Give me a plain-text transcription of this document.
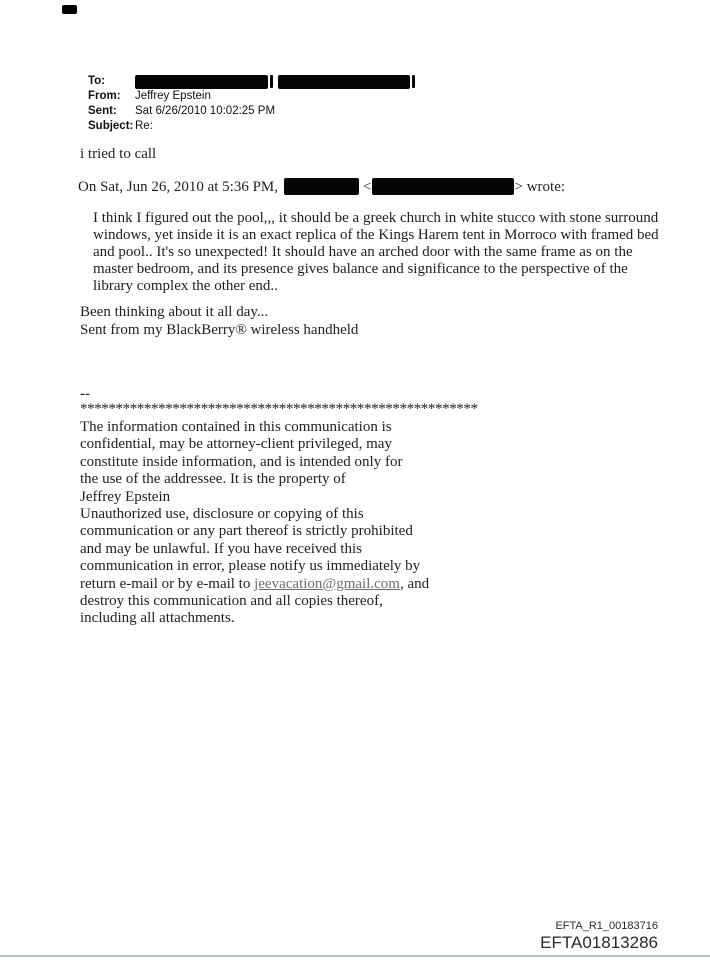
To:
From:	Jeffrey Epstein
Sent:	Sat 6/26/2010 10:02:25 PM
Subject: Re:
i tried to call
On Sat, Jun 26, 2010 at 5:36 PM,	<	> wrote:
I think I figured out the pool,,, it should be a greek church in white stucco with stone surround
windows, yet inside it is an exact replica of the Kings Harem tent in Morroco with framed bed
and pool.. It's so unexpected! It should have an arched door with the same frame as on the
master bedroom, and its presence gives balance and significance to the perspective of the
library complex the other end..
Been thinking about it all day...
Sent from my BlackBerry® wireless handheld
--
********************************************************
The information contained in this communication is
confidential, may be attorney-client privileged, may
constitute inside information, and is intended only for
the use of the addressee. It is the property of
Jeffrey Epstein
Unauthorized use, disclosure or copying of this
communication or any part thereof is strictly prohibited
and may be unlawful. If you have received this
communication in error, please notify us immediately by
return e-mail or by e-mail to jeevacation@gmail.com, and
destroy this communication and all copies thereof,
including all attachments.
EFTA_R1_00183716
EFTA01813286
